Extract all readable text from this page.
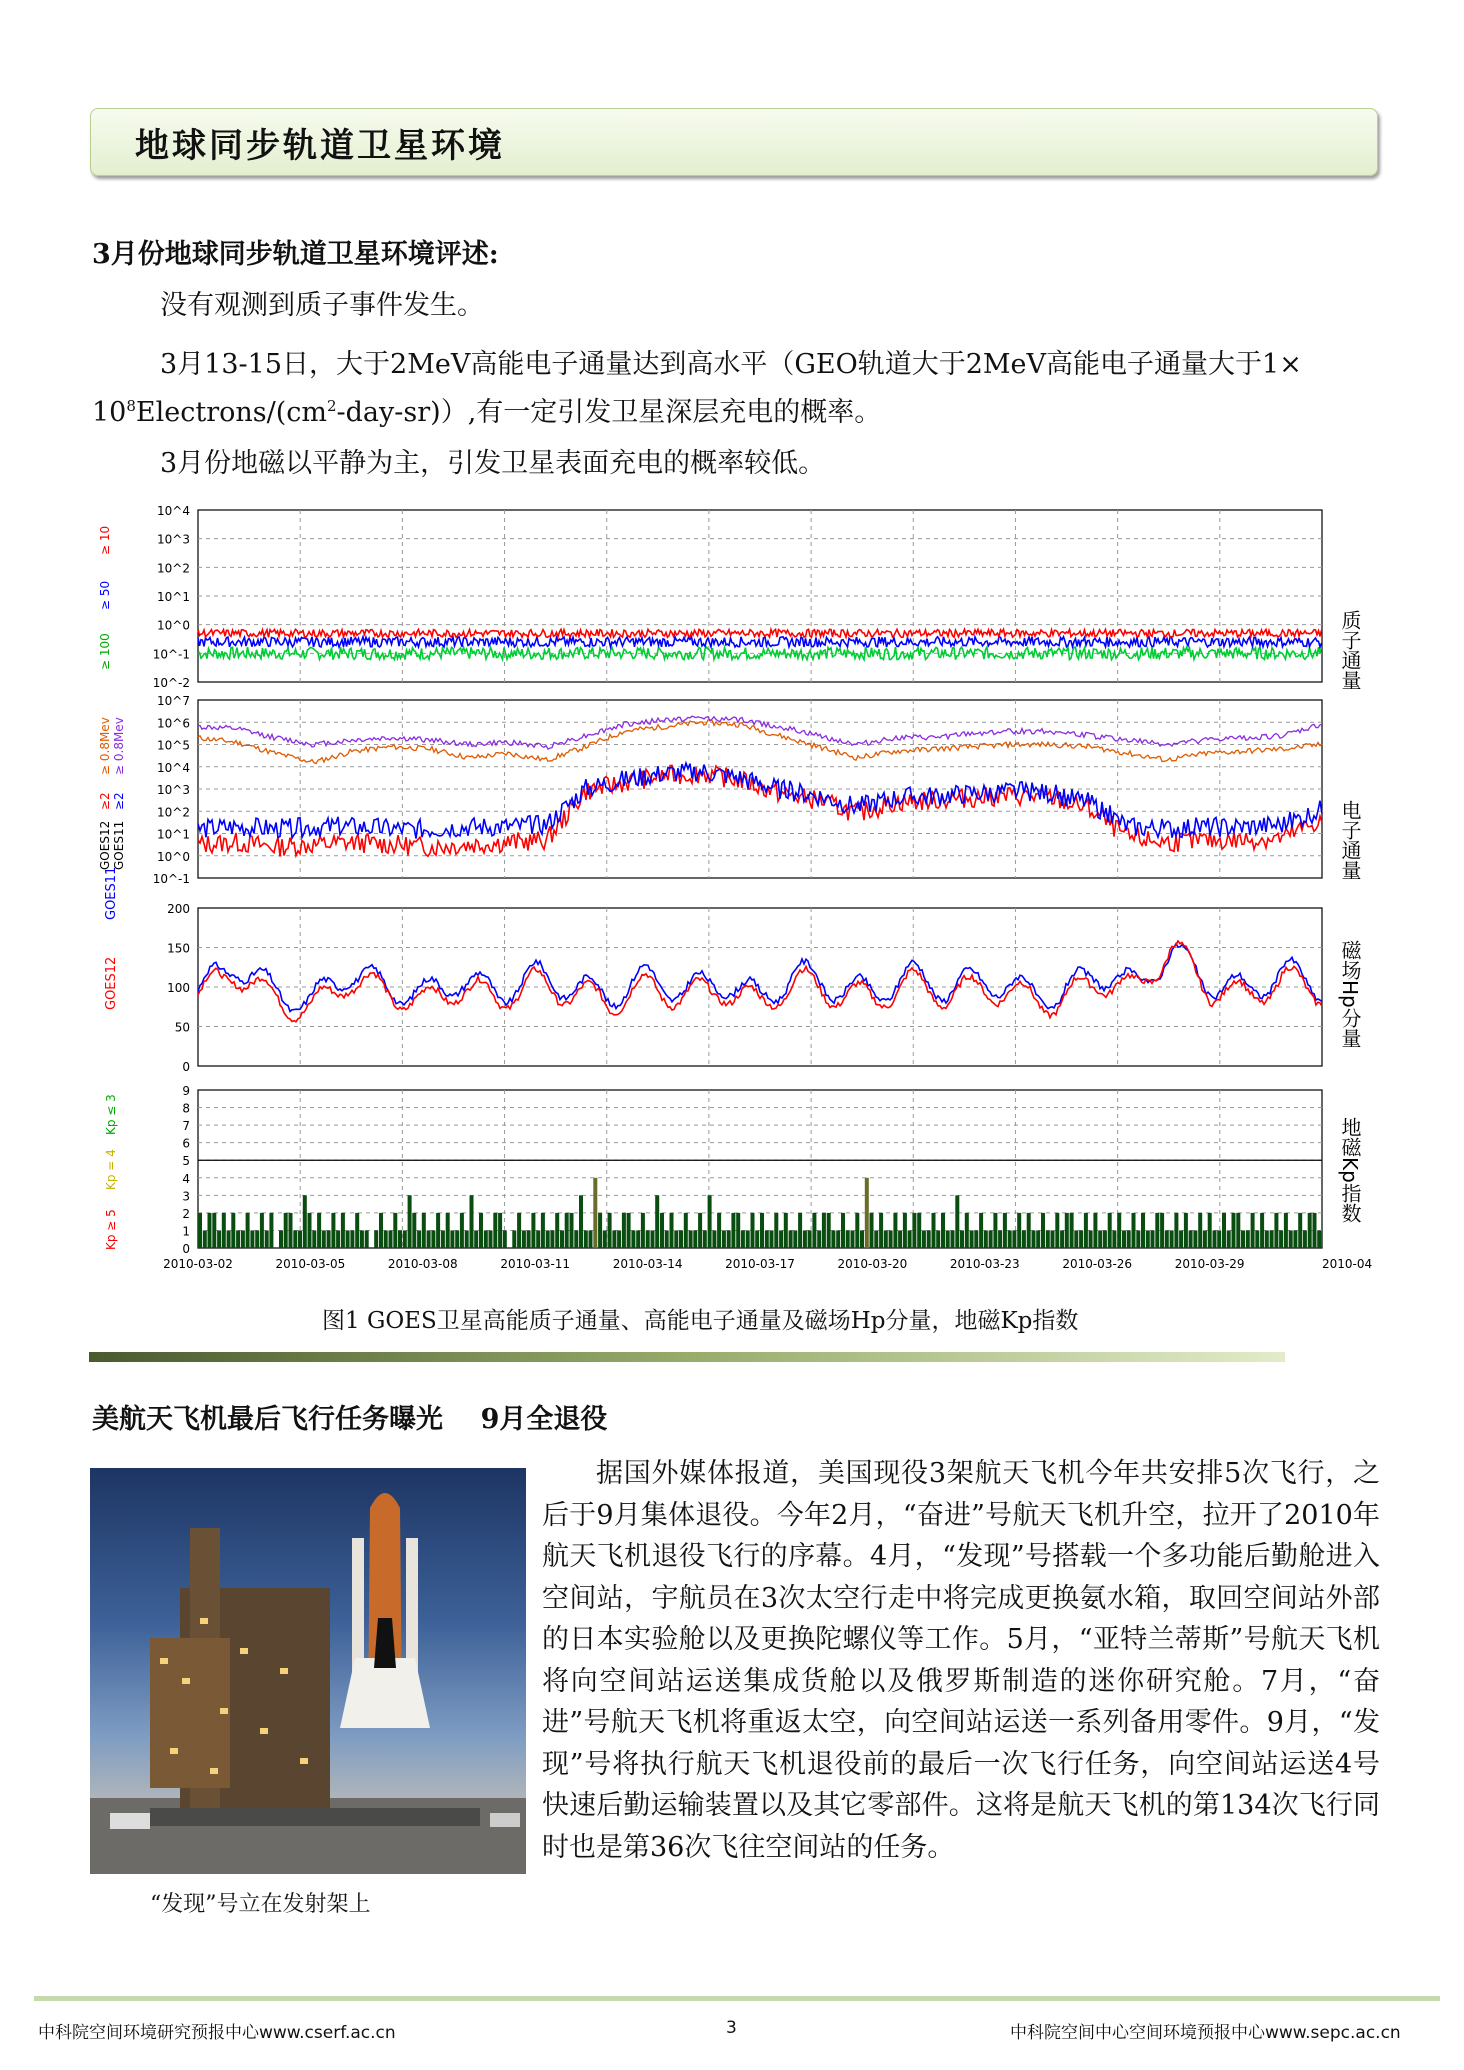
地球同步轨道卫星环境
3月份地球同步轨道卫星环境评述:
没有观测到质子事件发生。
3月13-15日，大于2MeV高能电子通量达到高水平（GEO轨道大于2MeV高能电子通量大于1×
$10^8Electrons/(cm^2-day-sr)$）,有一定引发卫星深层充电的概率。
3月份地磁以平静为主，引发卫星表面充电的概率较低。
10^4
10^3
10^2
10^1
10^0
10^-1
10^-2
10^7
10^6
10^5
10^4
10^3
10^2
10^1
10^0
10^-1
200
150
100
50
0
9
8
7
6
5
4
3
2
1
0
2010-03-02	2010-03-05	2010-03-08	2010-03-11	2010-03-14	2010-03-17	2010-03-20	2010-03-23	2010-03-26	2010-03-29	2010-04
质子通量
电子通量
磁场Hp分量
地磁Kp指数
≥ 100
≥ 50
≥ 10
GOES12
≥2
≥ 0.8Mev
GOES11
≥2
≥ 0.8Mev
GOES12
GOES11
Kp ≥ 5
Kp = 4
Kp ≤ 3
图1 GOES卫星高能质子通量、高能电子通量及磁场Hp分量，地磁Kp指数
美航天飞机最后飞行任务曝光    9月全退役
“发现”号立在发射架上
据国外媒体报道，美国现役3架航天飞机今年共安排5次飞行，之后于9月集体退役。今年2月，“奋进”号航天飞机升空，拉开了2010年航天飞机退役飞行的序幕。4月，“发现”号搭载一个多功能后勤舱进入空间站，宇航员在3次太空行走中将完成更换氨水箱，取回空间站外部的日本实验舱以及更换陀螺仪等工作。5月，“亚特兰蒂斯”号航天飞机将向空间站运送集成货舱以及俄罗斯制造的迷你研究舱。7月，“奋进”号航天飞机将重返太空，向空间站运送一系列备用零件。9月，“发现”号将执行航天飞机退役前的最后一次飞行任务，向空间站运送4号快速后勤运输装置以及其它零部件。这将是航天飞机的第134次飞行同时也是第36次飞往空间站的任务。
中科院空间环境研究预报中心www.cserf.ac.cn	3	中科院空间中心空间环境预报中心www.sepc.ac.cn
